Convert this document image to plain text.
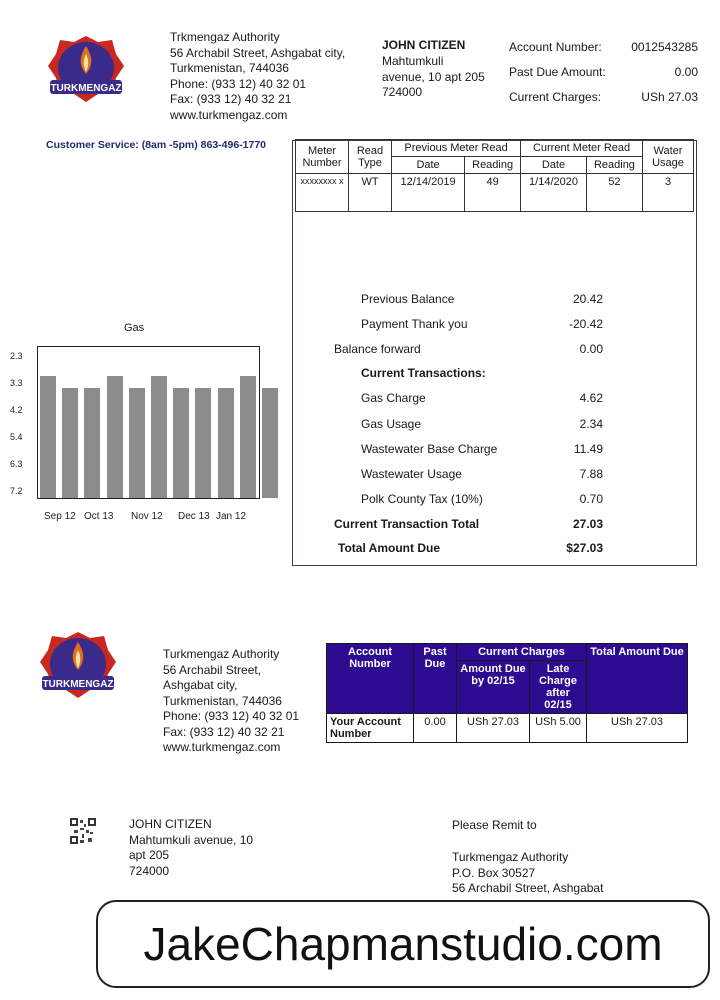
TURKMENGAZ
Trkmengaz Authority
56 Archabil Street, Ashgabat city,
Turkmenistan, 744036
Phone: (933 12) 40 32 01
Fax: (933 12) 40 32 21
www.turkmengaz.com
JOHN CITIZEN
Mahtumkuli
avenue, 10 apt 205
724000
Account Number:	0012543285
Past Due Amount:	0.00
Current Charges:	USh 27.03
Customer Service: (8am -5pm) 863-496-1770	Meter Number	Read Type	Previous Meter Read		Current Meter Read		Water Usage
		Date	Reading	Date	Reading	
xxxxxxxx x	WT	12/14/2019	49	1/14/2020	52	3
Previous Balance	20.42
Payment Thank you	-20.42
Balance forward	0.00
Current Transactions:
Gas Charge	4.62
Gas Usage	2.34
Wastewater Base Charge	11.49
Wastewater Usage	7.88
Polk County Tax (10%)	0.70
Current Transaction Total	27.03
Total Amount Due	$27.03
Gas
2.3
3.3
4.2
5.4
6.3
7.2
Sep 12 Oct 13 Nov 12 Dec 13 Jan 12
TURKMENGAZ
Turkmengaz Authority
56 Archabil Street,
Ashgabat city,
Turkmenistan, 744036
Phone: (933 12) 40 32 01
Fax: (933 12) 40 32 21
www.turkmengaz.com
Account Number	Past Due	Current Charges		Total Amount Due
		Amount Due by 02/15	Late Charge after 02/15	
Your Account Number	0.00	USh 27.03	USh 5.00	USh 27.03
JOHN CITIZEN
Mahtumkuli avenue, 10
apt 205
724000
Please Remit to
Turkmengaz Authority
P.O. Box 30527
56 Archabil Street, Ashgabat
JakeChapmanstudio.com
